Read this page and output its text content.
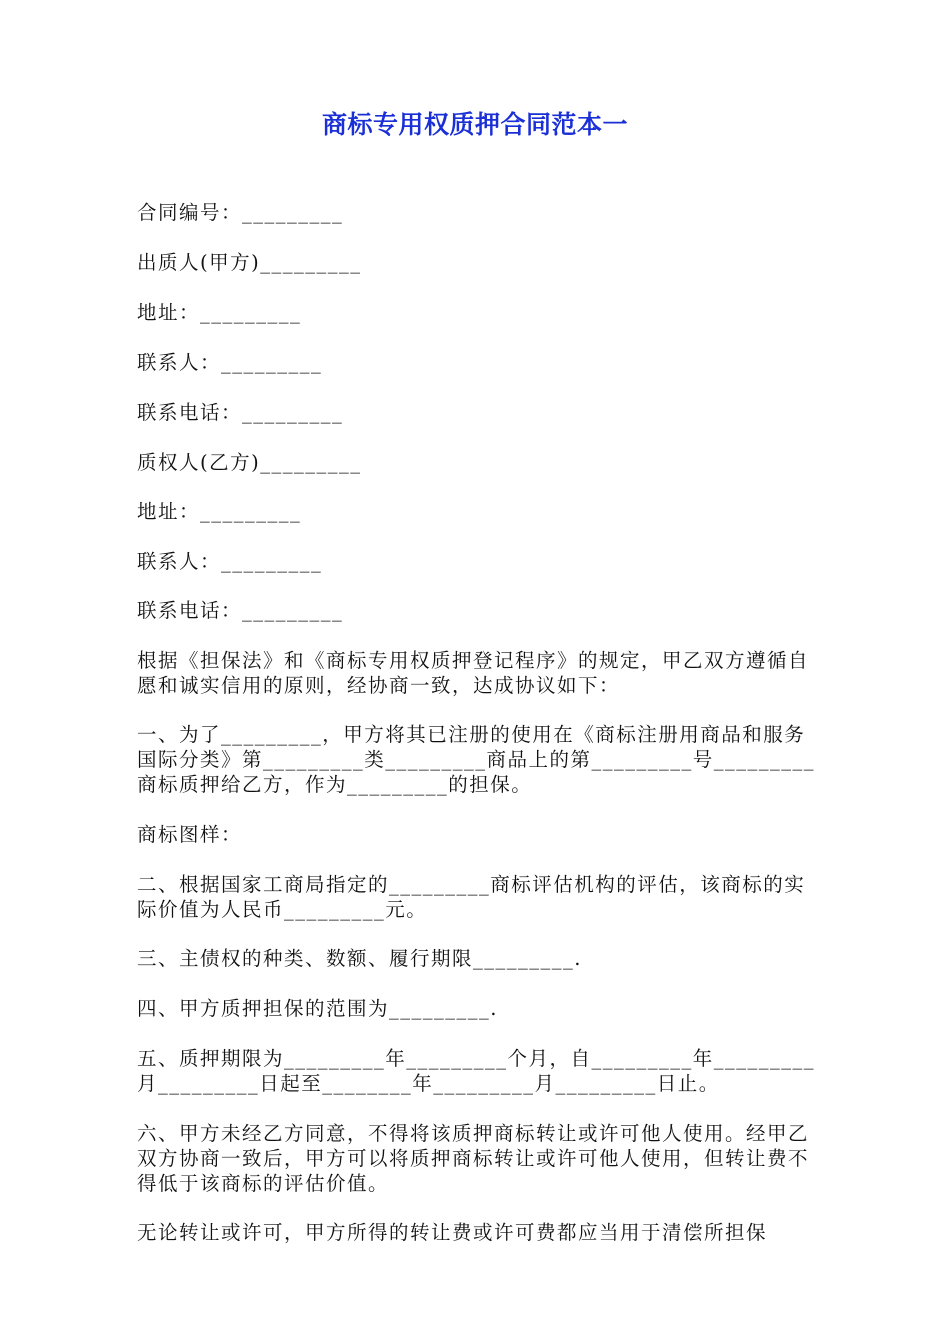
商标专用权质押合同范本一
合同编号：_________
出质人(甲方)_________
地址：_________
联系人：_________
联系电话：_________
质权人(乙方)_________
地址：_________
联系人：_________
联系电话：_________
根据《担保法》和《商标专用权质押登记程序》的规定，甲乙双方遵循自愿和诚实信用的原则，经协商一致，达成协议如下：
一、为了_________，甲方将其已注册的使用在《商标注册用商品和服务国际分类》第_________类_________商品上的第_________号_________商标质押给乙方，作为_________的担保。
商标图样：
二、根据国家工商局指定的_________商标评估机构的评估，该商标的实际价值为人民币_________元。
三、主债权的种类、数额、履行期限_________.
四、甲方质押担保的范围为_________.
五、质押期限为_________年_________个月，自_________年_________月_________日起至________年_________月_________日止。
六、甲方未经乙方同意，不得将该质押商标转让或许可他人使用。经甲乙双方协商一致后，甲方可以将质押商标转让或许可他人使用，但转让费不得低于该商标的评估价值。
无论转让或许可，甲方所得的转让费或许可费都应当用于清偿所担保
